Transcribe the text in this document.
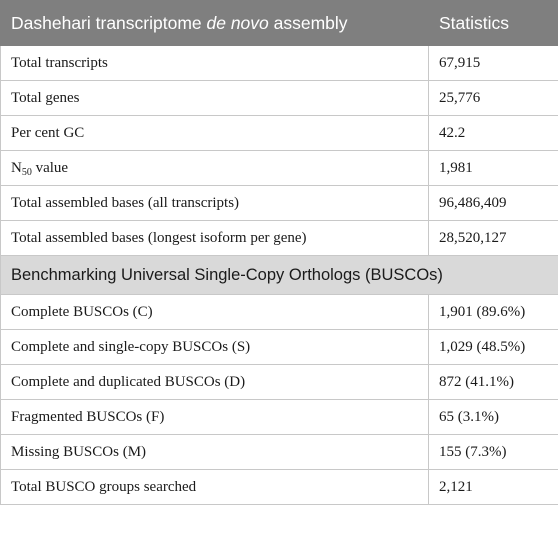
Dashehari transcriptome de novo assembly	Statistics
Total transcripts	67,915
Total genes	25,776
Per cent GC	42.2
$N_{50}$ value	1,981
Total assembled bases (all transcripts)	96,486,409
Total assembled bases (longest isoform per gene)	28,520,127
Benchmarking Universal Single-Copy Orthologs (BUSCOs)	
Complete BUSCOs (C)	1,901 (89.6%)
Complete and single-copy BUSCOs (S)	1,029 (48.5%)
Complete and duplicated BUSCOs (D)	872 (41.1%)
Fragmented BUSCOs (F)	65 (3.1%)
Missing BUSCOs (M)	155 (7.3%)
Total BUSCO groups searched	2,121
